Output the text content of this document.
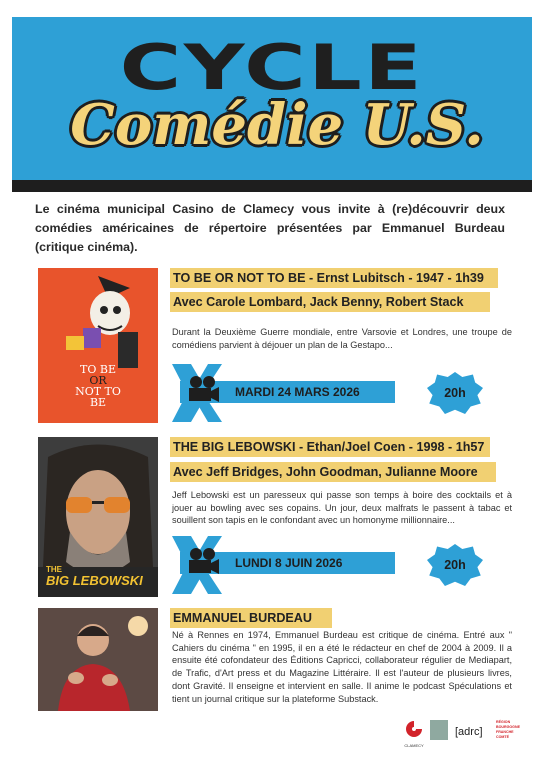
CYCLE
Comédie U.S.
Le cinéma municipal Casino de Clamecy vous invite à (re)découvrir deux comédies américaines de répertoire présentées par Emmanuel Burdeau (critique cinéma).
TO BE
OR
NOT TO
BE
TO BE OR NOT TO BE - Ernst Lubitsch - 1947 - 1h39
Avec Carole Lombard, Jack Benny, Robert Stack
Durant la Deuxième Guerre mondiale, entre Varsovie et Londres, une troupe de comédiens parvient à déjouer un plan de la Gestapo...
MARDI 24 MARS 2026	20h
THE
BIG LEBOWSKI
THE BIG LEBOWSKI - Ethan/Joel Coen - 1998 - 1h57
Avec Jeff Bridges, John Goodman, Julianne Moore
Jeff Lebowski est un paresseux qui passe son temps à boire des cocktails et à jouer au bowling avec ses copains. Un jour, deux malfrats le passent à tabac et souillent son tapis en le confondant avec un homonyme millionnaire...
LUNDI 8 JUIN 2026	20h
EMMANUEL BURDEAU
Né à Rennes en 1974, Emmanuel Burdeau est critique de cinéma. Entré aux " Cahiers du cinéma " en 1995, il en a été le rédacteur en chef de 2004 à 2009. Il a ensuite été cofondateur des Éditions Capricci, collaborateur régulier de Mediapart, de Trafic, d'Art press et du Magazine Littéraire. Il est l'auteur de plusieurs livres, dont Gravité. Il enseigne et intervient en salle. Il anime le podcast Spéculations et tient un journal critique sur la plateforme Substack.
CLAMECY
[adrc]
RÉGION
BOURGOGNE
FRANCHE
COMTÉ
